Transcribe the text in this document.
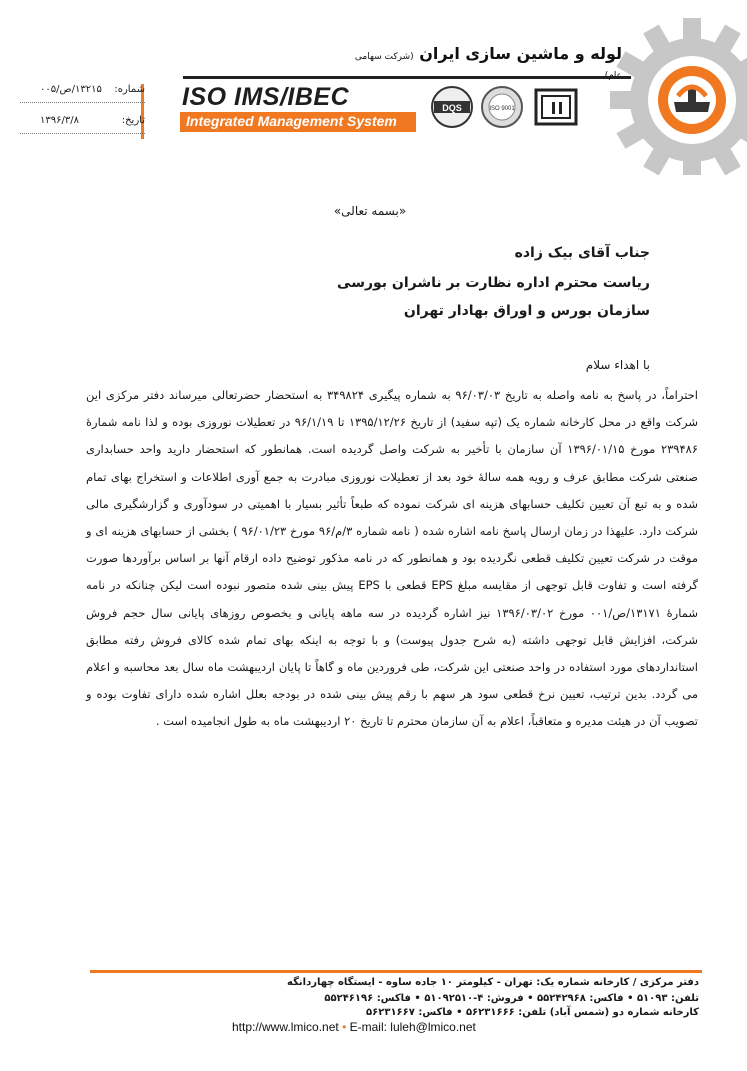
لوله و ماشین سازی ایران (شرکت سهامی
ISO IMS/IBEC
Integrated Management System
DQS	ISO 9001
شماره:
۱۳۲۱۵/ص/۰۰۵
تاریخ:
۱۳۹۶/۳/۸
«بسمه تعالی»
جناب آقای بیک زاده
ریاست محترم اداره نظارت بر ناشران بورسی
سازمان بورس و اوراق بهادار تهران
با اهداء سلام

احتراماً، در پاسخ به نامه واصله به تاریخ ۹۶/۰۳/۰۳ به شماره پیگیری ۳۴۹۸۲۴ به استحضار حضرتعالی میرساند دفتر مرکزی این شرکت واقع در محل کارخانه شماره یک (تپه سفید) از تاریخ ۱۳۹۵/۱۲/۲۶ تا ۹۶/۱/۱۹ در تعطیلات نوروزی بوده و لذا نامه شمارهٔ ۲۳۹۴۸۶ مورخ ۱۳۹۶/۰۱/۱۵ آن سازمان با تأخیر به شرکت واصل گردیده است. همانطور که استحضار دارید واحد حسابداری صنعتی شرکت مطابق عرف و رویه همه سالهٔ خود بعد از تعطیلات نوروزی مبادرت به جمع آوری اطلاعات و استخراج بهای تمام شده و به تبع آن تعیین تکلیف حسابهای هزینه ای شرکت نموده که طبعاً تأثیر بسیار با اهمیتی در سودآوری و گزارشگیری مالی شرکت دارد. علیهذا در زمان ارسال پاسخ نامه اشاره شده ( نامه شماره ۳/م/۹۶ مورخ ۹۶/۰۱/۲۳ ) بخشی از حسابهای هزینه ای و موقت در شرکت تعیین تکلیف قطعی نگردیده بود و همانطور که در نامه مذکور توضیح داده ارقام آنها بر اساس برآوردها صورت گرفته است و تفاوت قابل توجهی از مقایسه مبلغ EPS قطعی با EPS پیش بینی شده متصور نبوده است لیکن چنانکه در نامه شمارهٔ ۱۳۱۷۱/ص/۰۰۱ مورخ ۱۳۹۶/۰۳/۰۲ نیز اشاره گردیده در سه ماهه پایانی و بخصوص روزهای پایانی سال حجم فروش شرکت، افزایش قابل توجهی داشته (به شرح جدول پیوست) و با توجه به اینکه بهای تمام شده کالای فروش رفته مطابق استانداردهای مورد استفاده در واحد صنعتی این شرکت، طی فروردین ماه و گاهاً تا پایان اردیبهشت ماه سال بعد محاسبه و اعلام می گردد. بدین ترتیب، تعیین نرخ قطعی سود هر سهم با رقم پیش بینی شده در بودجه بعلل اشاره شده دارای تفاوت بوده و تصویب آن در هیئت مدیره و متعاقباً، اعلام به آن سازمان محترم تا تاریخ ۲۰ اردیبهشت ماه به طول انجامیده است .

دفتر مرکزی / کارخانه شماره یک: تهران - کیلومتر ۱۰ جاده ساوه - ایستگاه چهاردانگه
تلفن: ۵۱۰۹۳ • فاکس: ۵۵۲۴۲۹۶۸ • فروش: ۴-۵۱۰۹۲۵۱۰ • فاکس: ۵۵۲۴۶۱۹۶
کارخانه شماره دو (شمس آباد) تلفن: ۵۶۲۳۱۶۶۶ • فاکس: ۵۶۲۳۱۶۶۷
http://www.lmico.net • E-mail: luleh@lmico.net
